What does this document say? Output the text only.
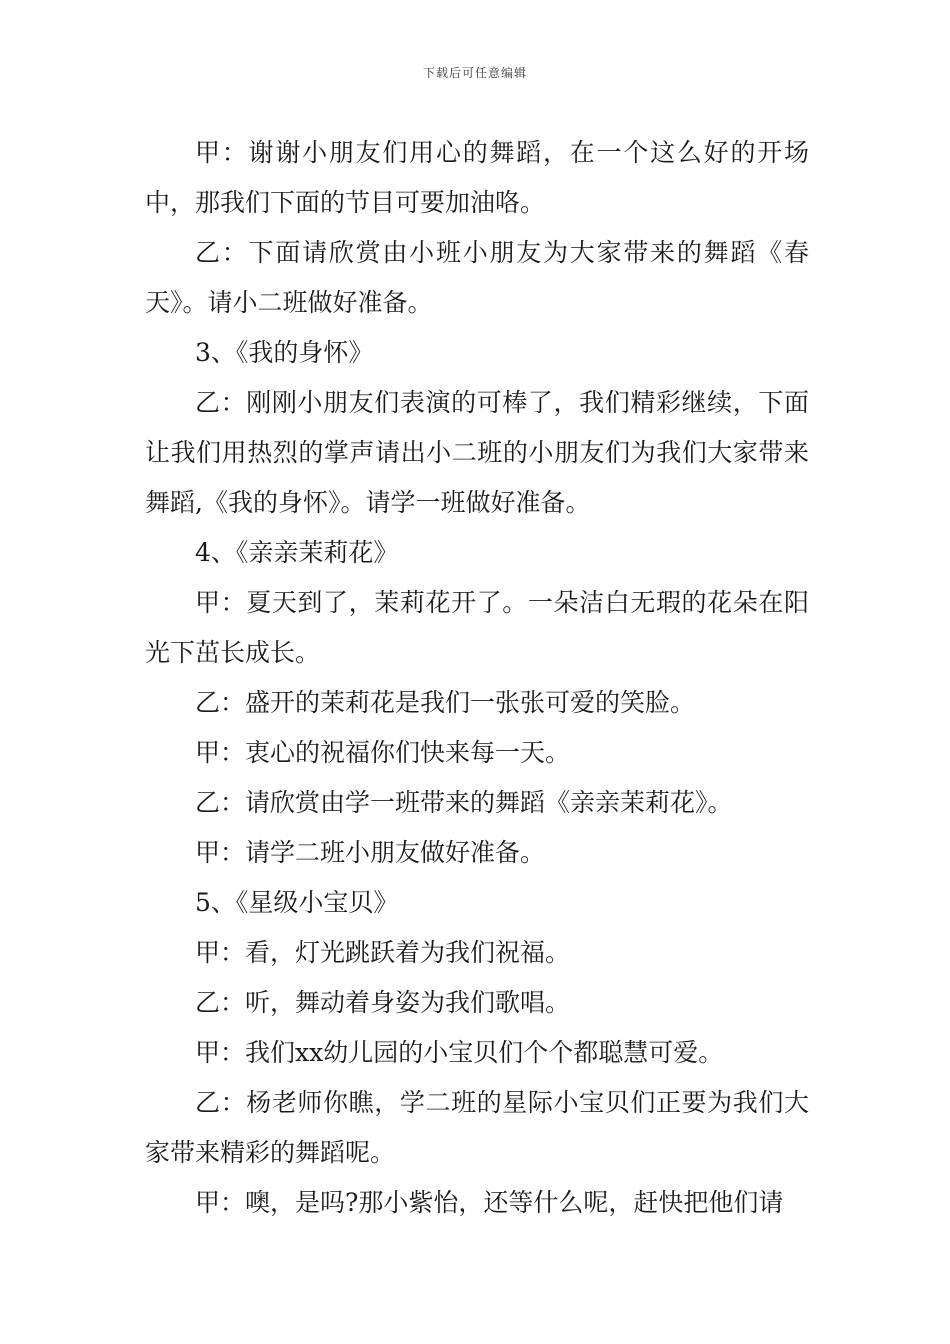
下载后可任意编辑

甲：谢谢小朋友们用心的舞蹈，在一个这么好的开场中，那我们下面的节目可要加油咯。

乙：下面请欣赏由小班小朋友为大家带来的舞蹈《春天》。请小二班做好准备。

3、《我的身怀》

乙：刚刚小朋友们表演的可棒了，我们精彩继续，下面让我们用热烈的掌声请出小二班的小朋友们为我们大家带来舞蹈,《我的身怀》。请学一班做好准备。

4、《亲亲茉莉花》

甲：夏天到了，茉莉花开了。一朵洁白无瑕的花朵在阳光下茁长成长。

乙：盛开的茉莉花是我们一张张可爱的笑脸。

甲：衷心的祝福你们快来每一天。

乙：请欣赏由学一班带来的舞蹈《亲亲茉莉花》。

甲：请学二班小朋友做好准备。

5、《星级小宝贝》

甲：看，灯光跳跃着为我们祝福。

乙：听，舞动着身姿为我们歌唱。

甲：我们xx幼儿园的小宝贝们个个都聪慧可爱。

乙：杨老师你瞧，学二班的星际小宝贝们正要为我们大家带来精彩的舞蹈呢。

甲：噢，是吗?那小紫怡，还等什么呢，赶快把他们请
